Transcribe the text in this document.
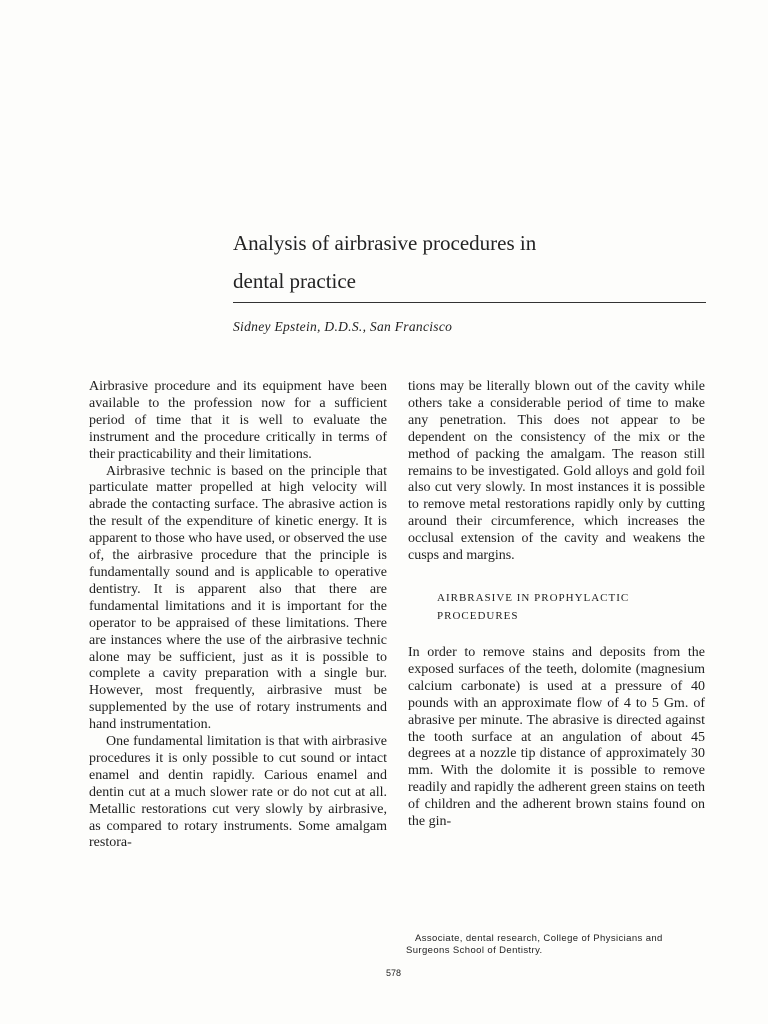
Analysis of airbrasive procedures in
dental practice
Sidney Epstein, D.D.S., San Francisco

Airbrasive procedure and its equipment have been available to the profession now for a sufficient period of time that it is well to evaluate the instrument and the procedure critically in terms of their practicability and their limitations.

Airbrasive technic is based on the principle that particulate matter propelled at high velocity will abrade the contacting surface. The abrasive action is the result of the expenditure of kinetic energy. It is apparent to those who have used, or observed the use of, the airbrasive procedure that the principle is fundamentally sound and is applicable to operative dentistry. It is apparent also that there are fundamental limitations and it is important for the operator to be appraised of these limitations. There are instances where the use of the airbrasive technic alone may be sufficient, just as it is possible to complete a cavity preparation with a single bur. However, most frequently, airbrasive must be supplemented by the use of rotary instruments and hand instrumentation.

One fundamental limitation is that with airbrasive procedures it is only possible to cut sound or intact enamel and dentin rapidly. Carious enamel and dentin cut at a much slower rate or do not cut at all. Metallic restorations cut very slowly by airbrasive, as compared to rotary instruments. Some amalgam restora-

tions may be literally blown out of the cavity while others take a considerable period of time to make any penetration. This does not appear to be dependent on the consistency of the mix or the method of packing the amalgam. The reason still remains to be investigated. Gold alloys and gold foil also cut very slowly. In most instances it is possible to remove metal restorations rapidly only by cutting around their circumference, which increases the occlusal extension of the cavity and weakens the cusps and margins.

AIRBRASIVE IN PROPHYLACTIC
PROCEDURES

In order to remove stains and deposits from the exposed surfaces of the teeth, dolomite (magnesium calcium carbonate) is used at a pressure of 40 pounds with an approximate flow of 4 to 5 Gm. of abrasive per minute. The abrasive is directed against the tooth surface at an angulation of about 45 degrees at a nozzle tip distance of approximately 30 mm. With the dolomite it is possible to remove readily and rapidly the adherent green stains on teeth of children and the adherent brown stains found on the gin-

Associate, dental research, College of Physicians and
Surgeons School of Dentistry.
578
